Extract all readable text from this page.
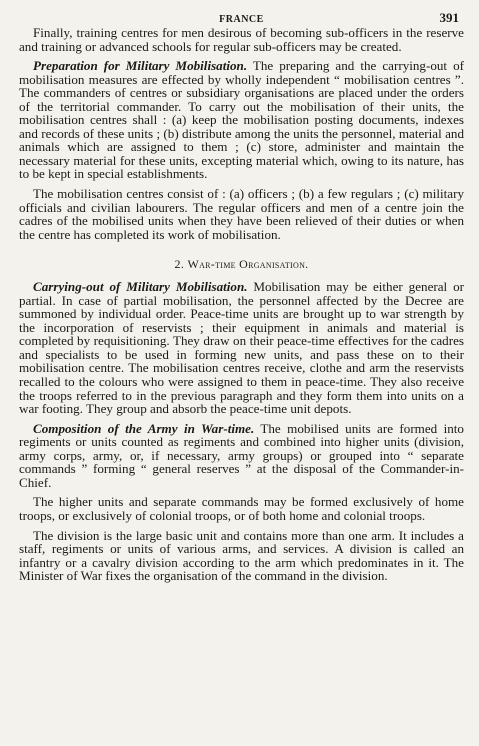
FRANCE	391

Finally, training centres for men desirous of becoming sub-officers in the reserve and training or advanced schools for regular sub-officers may be created.

Preparation for Military Mobilisation. The preparing and the carrying-out of mobilisation measures are effected by wholly independent “ mobilisation centres ”. The commanders of centres or subsidiary organisations are placed under the orders of the territorial commander. To carry out the mobilisation of their units, the mobilisation centres shall : (a) keep the mobilisation posting documents, indexes and records of these units ; (b) distribute among the units the personnel, material and animals which are assigned to them ; (c) store, administer and maintain the necessary material for these units, excepting material which, owing to its nature, has to be kept in special establishments.

The mobilisation centres consist of : (a) officers ; (b) a few regulars ; (c) military officials and civilian labourers. The regular officers and men of a centre join the cadres of the mobilised units when they have been relieved of their duties or when the centre has completed its work of mobilisation.

2. War-time Organisation.

Carrying-out of Military Mobilisation. Mobilisation may be either general or partial. In case of partial mobilisation, the personnel affected by the Decree are summoned by individual order. Peace-time units are brought up to war strength by the incorporation of reservists ; their equipment in animals and material is completed by requisitioning. They draw on their peace-time effectives for the cadres and specialists to be used in forming new units, and pass these on to their mobilisation centre. The mobilisation centres receive, clothe and arm the reservists recalled to the colours who were assigned to them in peace-time. They also receive the troops referred to in the previous paragraph and they form them into units on a war footing. They group and absorb the peace-time unit depots.

Composition of the Army in War-time. The mobilised units are formed into regiments or units counted as regiments and combined into higher units (division, army corps, army, or, if necessary, army groups) or grouped into “ separate commands ” forming “ general reserves ” at the disposal of the Commander-in-Chief.

The higher units and separate commands may be formed exclusively of home troops, or exclusively of colonial troops, or of both home and colonial troops.

The division is the large basic unit and contains more than one arm. It includes a staff, regiments or units of various arms, and services. A division is called an infantry or a cavalry division according to the arm which predominates in it. The Minister of War fixes the organisation of the command in the division.
